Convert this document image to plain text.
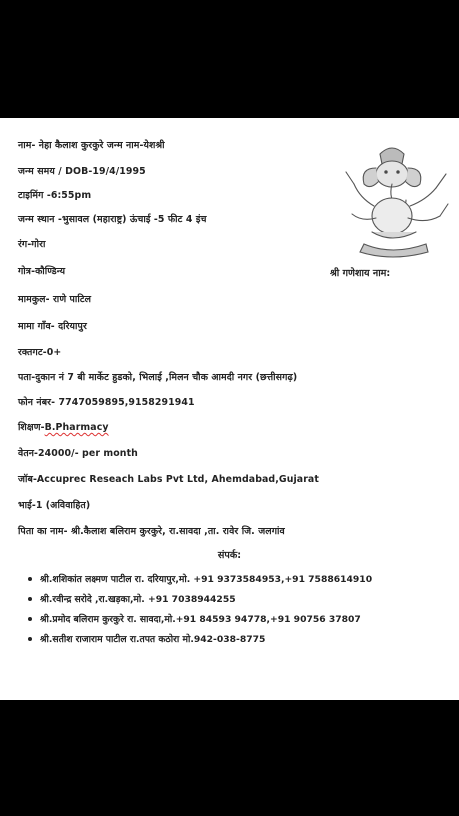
नाम- नेहा कैलाश कुरकुरे जन्म नाम-येशश्री
जन्म समय / DOB-19/4/1995
टाइमिंग -6:55pm
जन्म स्थान -भुसावल (महाराष्ट्र) ऊंचाई -5 फीट 4 इंच
रंग-गोरा
गोत्र-कौण्डिन्य
मामकुल- राणे पाटिल
मामा गाँव- दरियापुर
रक्तगट-0+
पता-दुकान नं 7 बी मार्केट हुडको, भिलाई ,मिलन चौक आमदी नगर (छत्तीसगढ़)
फोन नंबर- 7747059895,9158291941
शिक्षण-B.Pharmacy
वेतन-24000/- per month
जॉब-Accuprec Reseach Labs Pvt Ltd, Ahemdabad,Gujarat
भाई-1 (अविवाहित)
पिता का नाम- श्री.कैलाश बलिराम कुरकुरे, रा.सावदा ,ता. रावेर जि. जलगांव
श्री गणेशाय नाम:
संपर्क:
श्री.शशिकांत लक्ष्मण पाटील रा. दरियापुर,मो. +91 9373584953,+91 7588614910
श्री.रवीन्द्र सरोदे ,रा.खड़का,मो. +91 7038944255
श्री.प्रमोद बलिराम कुरकुरे रा. सावदा,मो.+91 84593 94778,+91 90756 37807
श्री.सतीश राजाराम पाटील रा.तपत कठोरा मो.942-038-8775
